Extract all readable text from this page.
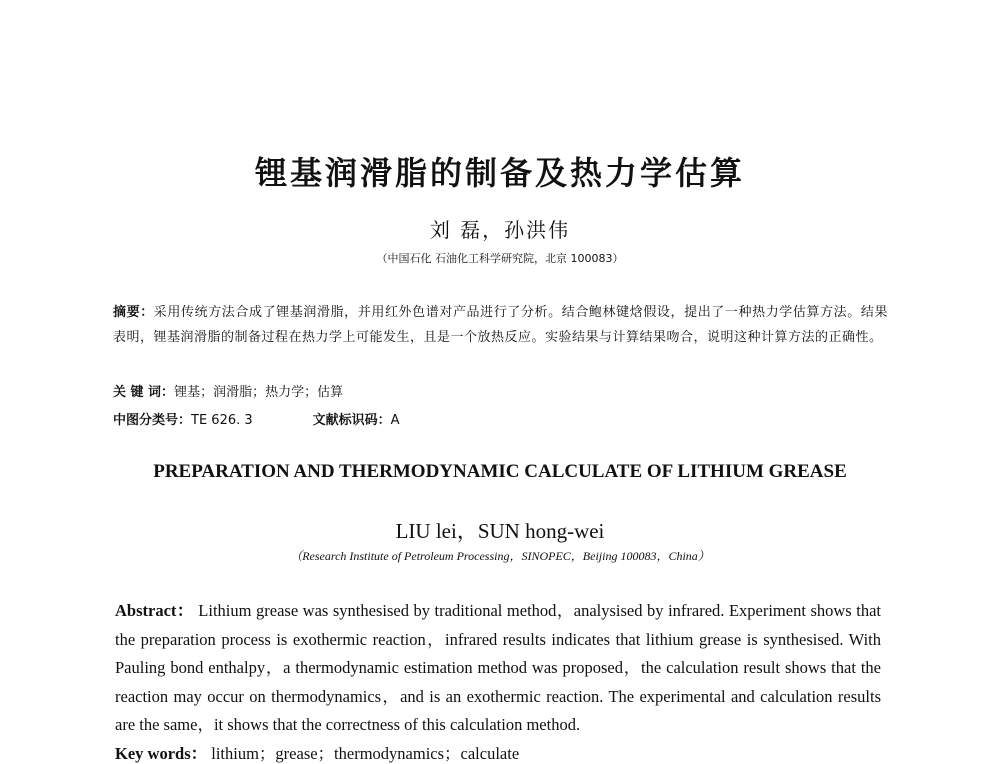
锂基润滑脂的制备及热力学估算
刘 磊，孙洪伟
（中国石化 石油化工科学研究院，北京 100083）

摘要：采用传统方法合成了锂基润滑脂，并用红外色谱对产品进行了分析。结合鲍林键焓假设，提出了一种热力学估算方法。结果表明，锂基润滑脂的制备过程在热力学上可能发生，且是一个放热反应。实验结果与计算结果吻合，说明这种计算方法的正确性。

关 键 词：锂基；润滑脂；热力学；估算
中图分类号：TE 626. 3	文献标识码：A
PREPARATION AND THERMODYNAMIC CALCULATE OF LITHIUM GREASE
LIU lei，SUN hong-wei
（Research Institute of Petroleum Processing，SINOPEC，Beijing 100083，China）

Abstract： Lithium grease was synthesised by traditional method，analysised by infrared. Experiment shows that the preparation process is exothermic reaction，infrared results indicates that lithium grease is synthesised. With Pauling bond enthalpy，a thermodynamic estimation method was proposed，the calculation result shows that the reaction may occur on thermodynamics，and is an exothermic reaction. The experimental and calculation results are the same，it shows that the correctness of this calculation method.

Key words： lithium；grease；thermodynamics；calculate
